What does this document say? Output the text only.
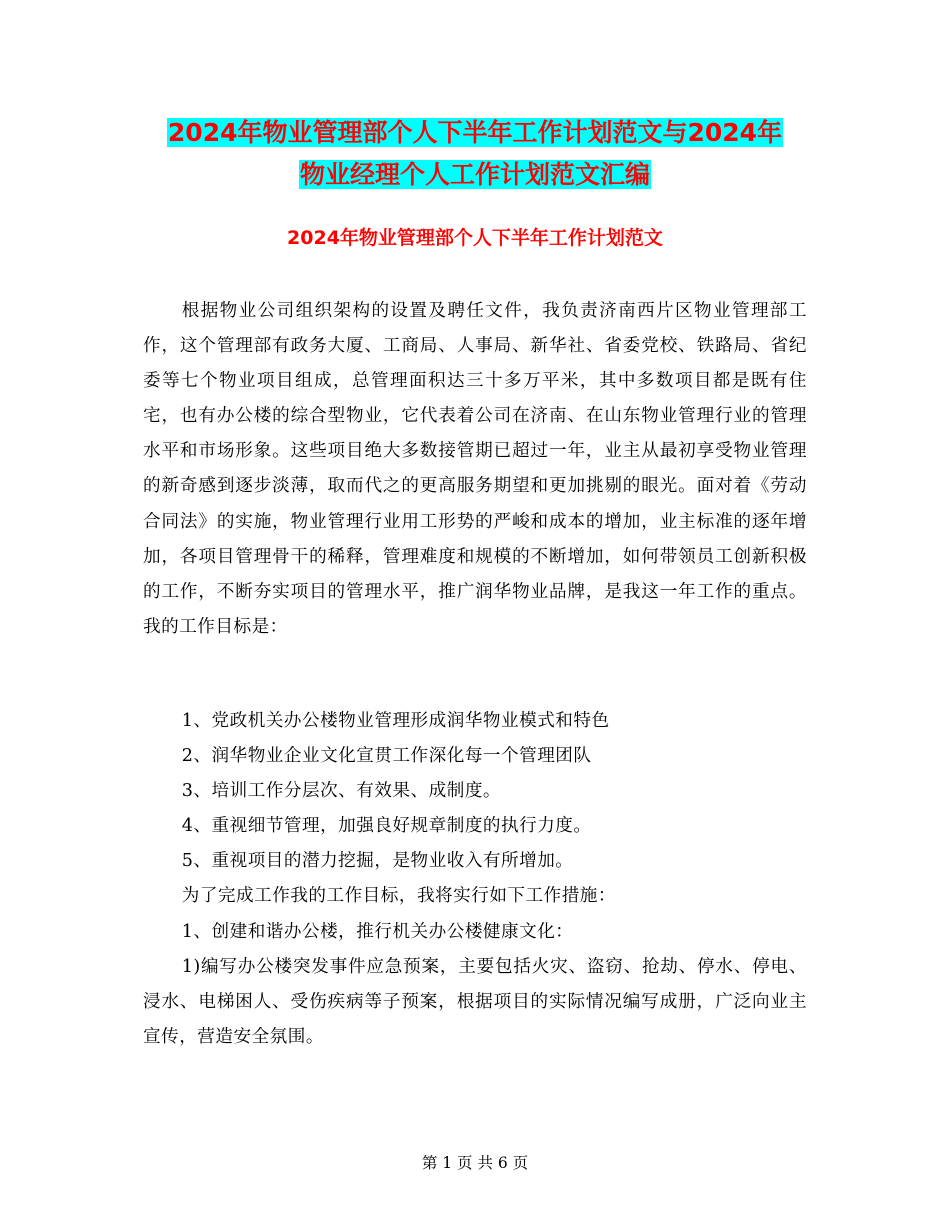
2024年物业管理部个人下半年工作计划范文与2024年
物业经理个人工作计划范文汇编
2024年物业管理部个人下半年工作计划范文

根据物业公司组织架构的设置及聘任文件，我负责济南西片区物业管理部工作，这个管理部有政务大厦、工商局、人事局、新华社、省委党校、铁路局、省纪委等七个物业项目组成，总管理面积达三十多万平米，其中多数项目都是既有住宅，也有办公楼的综合型物业，它代表着公司在济南、在山东物业管理行业的管理水平和市场形象。这些项目绝大多数接管期已超过一年，业主从最初享受物业管理的新奇感到逐步淡薄，取而代之的更高服务期望和更加挑剔的眼光。面对着《劳动合同法》的实施，物业管理行业用工形势的严峻和成本的增加，业主标准的逐年增加，各项目管理骨干的稀释，管理难度和规模的不断增加，如何带领员工创新积极的工作，不断夯实项目的管理水平，推广润华物业品牌，是我这一年工作的重点。我的工作目标是：

1、党政机关办公楼物业管理形成润华物业模式和特色

2、润华物业企业文化宣贯工作深化每一个管理团队

3、培训工作分层次、有效果、成制度。

4、重视细节管理，加强良好规章制度的执行力度。

5、重视项目的潜力挖掘，是物业收入有所增加。

为了完成工作我的工作目标，我将实行如下工作措施：

1、创建和谐办公楼，推行机关办公楼健康文化：

1)编写办公楼突发事件应急预案，主要包括火灾、盗窃、抢劫、停水、停电、浸水、电梯困人、受伤疾病等子预案，根据项目的实际情况编写成册，广泛向业主宣传，营造安全氛围。

第 1 页 共 6 页
